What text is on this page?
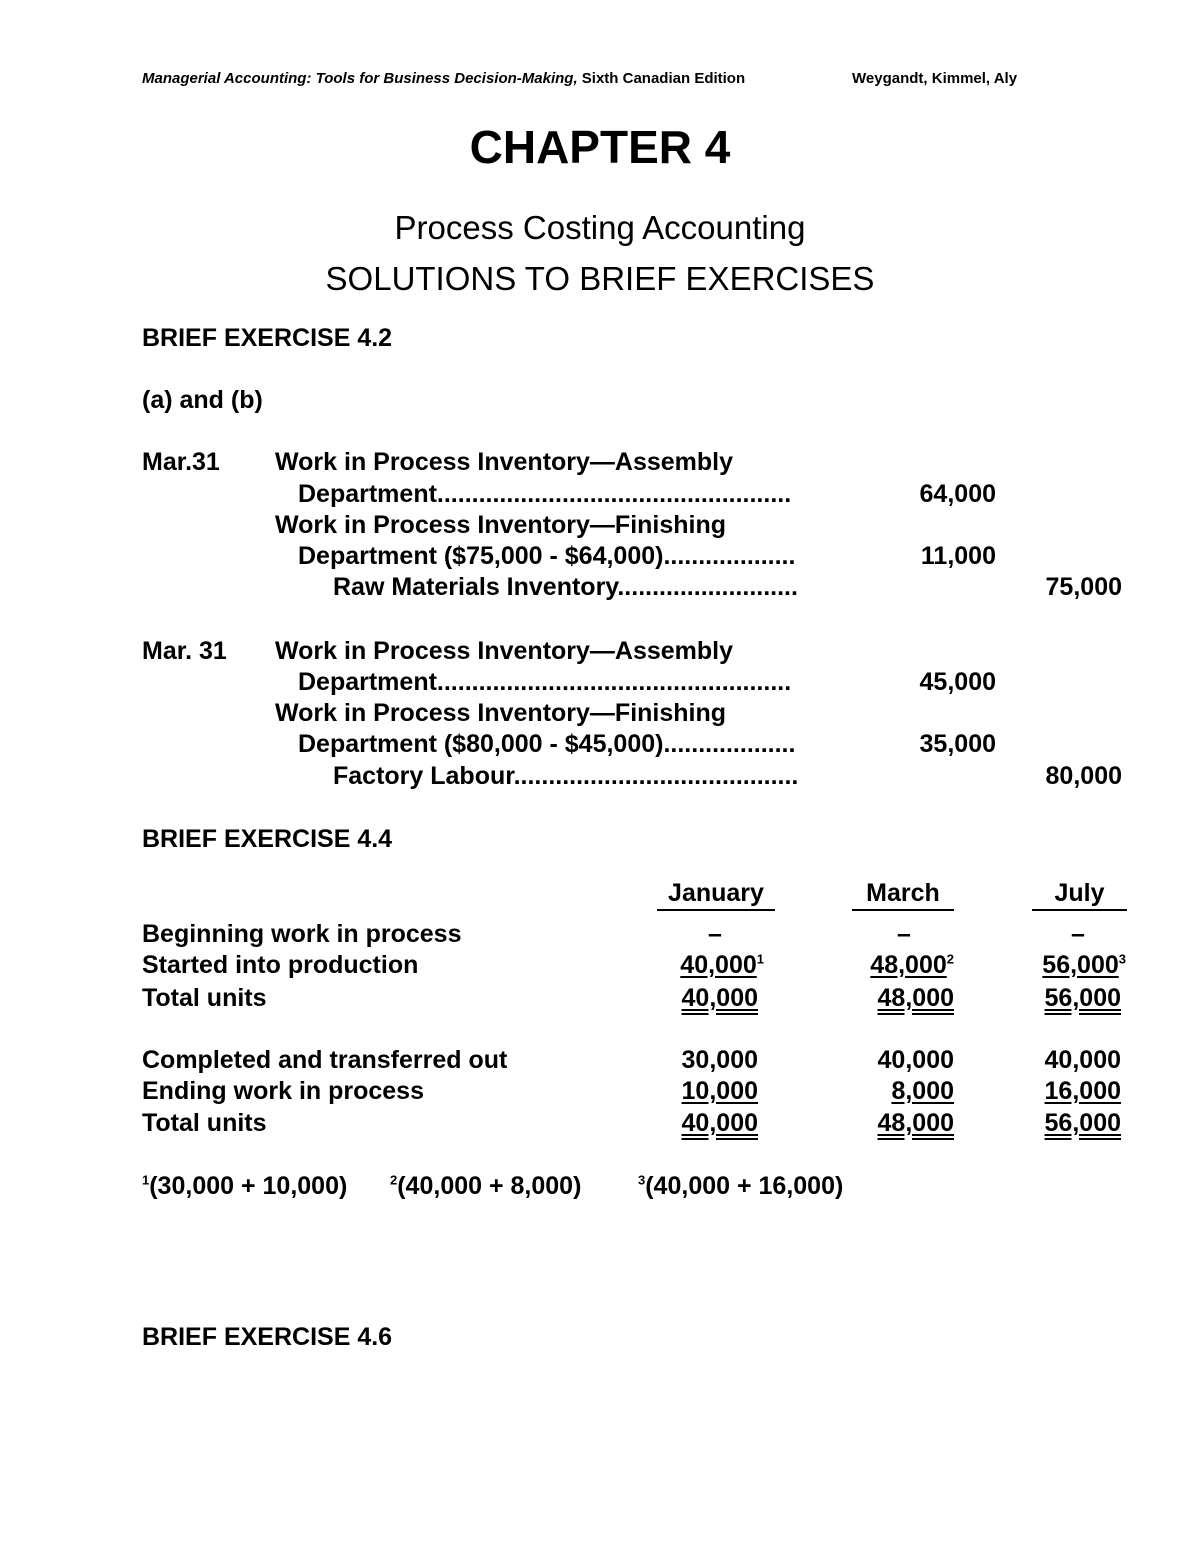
Managerial Accounting: Tools for Business Decision-Making, Sixth Canadian Edition	Weygandt, Kimmel, Aly
CHAPTER 4
Process Costing Accounting
SOLUTIONS TO BRIEF EXERCISES
BRIEF EXERCISE 4.2
(a) and (b)
Mar.31 Work in Process Inventory—Assembly
Department...................................................	64,000
Work in Process Inventory—Finishing
Department ($75,000 - $64,000)...................	11,000
Raw Materials Inventory..........................	75,000
Mar. 31 Work in Process Inventory—Assembly
Department...................................................	45,000
Work in Process Inventory—Finishing
Department ($80,000 - $45,000)...................	35,000
Factory Labour.........................................	80,000
BRIEF EXERCISE 4.4
January	March	July
Beginning work in process	–	–	–
Started into production	40,000$^1$	48,000$^2$	56,000$^3$
Total units	40,000	48,000	56,000
Completed and transferred out	30,000	40,000	40,000
Ending work in process	10,000	8,000	16,000
Total units	40,000	48,000	56,000
$^1$(30,000 + 10,000)	$^2$(40,000 + 8,000)	$^3$(40,000 + 16,000)
BRIEF EXERCISE 4.6
